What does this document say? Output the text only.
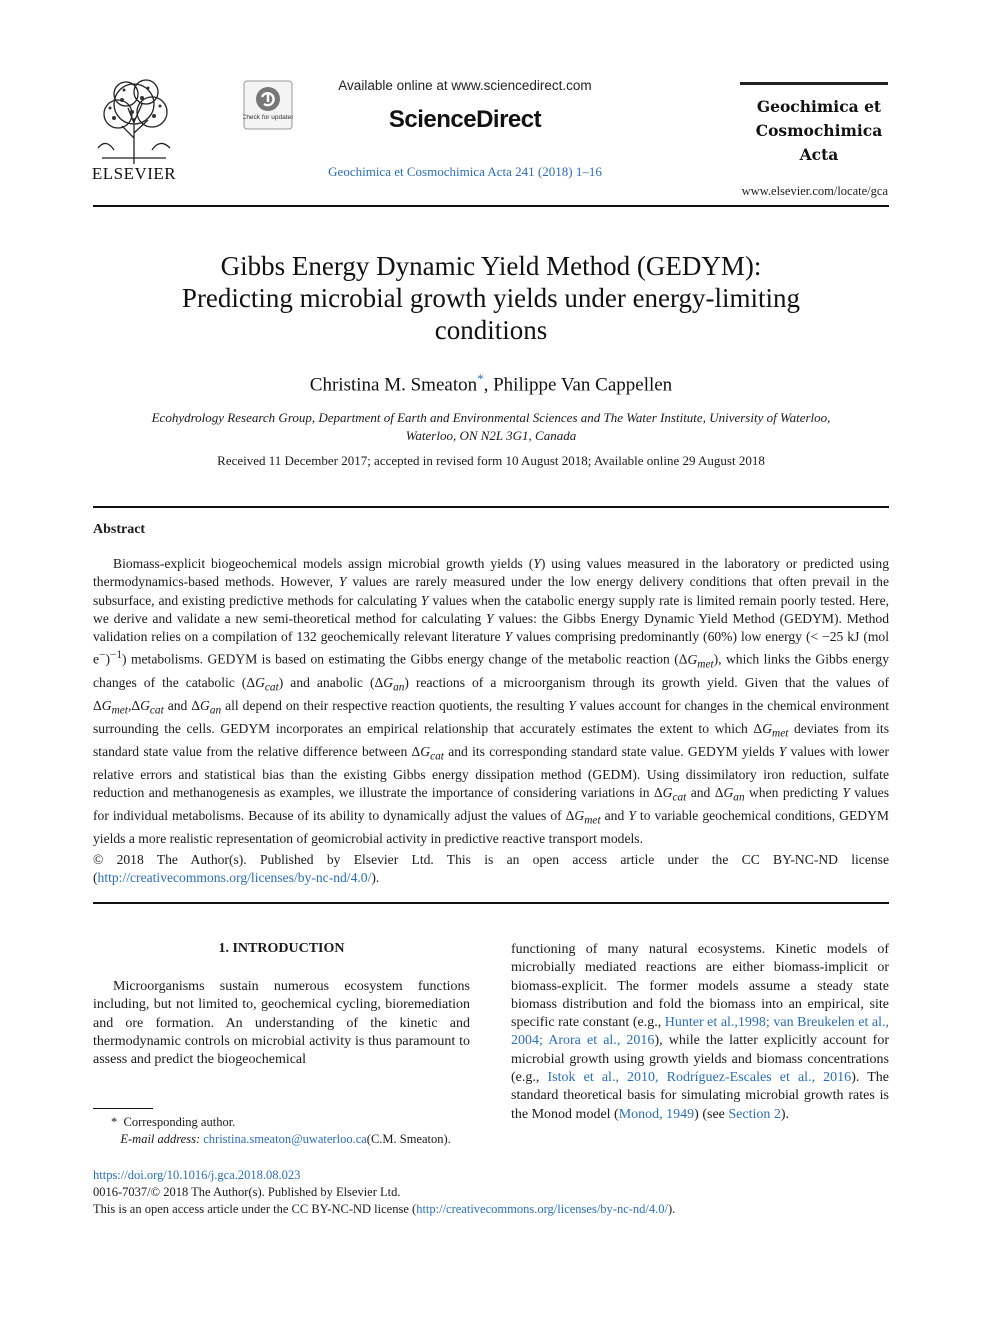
ELSEVIER
Check for updates
Available online at www.sciencedirect.com
ScienceDirect
Geochimica et Cosmochimica Acta 241 (2018) 1–16
Geochimica et
Cosmochimica
Acta
www.elsevier.com/locate/gca
Gibbs Energy Dynamic Yield Method (GEDYM):
Predicting microbial growth yields under energy-limiting
conditions
Christina M. Smeaton*, Philippe Van Cappellen
Ecohydrology Research Group, Department of Earth and Environmental Sciences and The Water Institute, University of Waterloo,
Waterloo, ON N2L 3G1, Canada
Received 11 December 2017; accepted in revised form 10 August 2018; Available online 29 August 2018
Abstract

Biomass-explicit biogeochemical models assign microbial growth yields (Y) using values measured in the laboratory or predicted using thermodynamics-based methods. However, Y values are rarely measured under the low energy delivery conditions that often prevail in the subsurface, and existing predictive methods for calculating Y values when the catabolic energy supply rate is limited remain poorly tested. Here, we derive and validate a new semi-theoretical method for calculating Y values: the Gibbs Energy Dynamic Yield Method (GEDYM). Method validation relies on a compilation of 132 geochemically relevant literature Y values comprising predominantly (60%) low energy (< −25 kJ (mol e−)$^{-1}$) metabolisms. GEDYM is based on estimating the Gibbs energy change of the metabolic reaction $(\Delta G_{met})$, which links the Gibbs energy changes of the catabolic $(\Delta G_{cat})$ and anabolic $(\Delta G_{an})$ reactions of a microorganism through its growth yield. Given that the values of $\Delta G_{met},\Delta G_{cat}$ and $\Delta G_{an}$ all depend on their respective reaction quotients, the resulting Y values account for changes in the chemical environment surrounding the cells. GEDYM incorporates an empirical relationship that accurately estimates the extent to which $\Delta G_{met}$ deviates from its standard state value from the relative difference between $\Delta G_{cat}$ and its corresponding standard state value. GEDYM yields Y values with lower relative errors and statistical bias than the existing Gibbs energy dissipation method (GEDM). Using dissimilatory iron reduction, sulfate reduction and methanogenesis as examples, we illustrate the importance of considering variations in $\Delta G_{cat}$ and $\Delta G_{an}$ when predicting Y values for individual metabolisms. Because of its ability to dynamically adjust the values of $\Delta G_{met}$ and Y to variable geochemical conditions, GEDYM yields a more realistic representation of geomicrobial activity in predictive reactive transport models.

© 2018 The Author(s). Published by Elsevier Ltd. This is an open access article under the CC BY-NC-ND license (http://creativecommons.org/licenses/by-nc-nd/4.0/).
1. INTRODUCTION

Microorganisms sustain numerous ecosystem functions including, but not limited to, geochemical cycling, bioremediation and ore formation. An understanding of the kinetic and thermodynamic controls on microbial activity is thus paramount to assess and predict the biogeochemical

functioning of many natural ecosystems. Kinetic models of microbially mediated reactions are either biomass-implicit or biomass-explicit. The former models assume a steady state biomass distribution and fold the biomass into an empirical, site specific rate constant (e.g., Hunter et al.,1998; van Breukelen et al., 2004; Arora et al., 2016), while the latter explicitly account for microbial growth using growth yields and biomass concentrations (e.g., Istok et al., 2010, Rodríguez-Escales et al., 2016). The standard theoretical basis for simulating microbial growth rates is the Monod model (Monod, 1949) (see Section 2).

* Corresponding author.
E-mail address: christina.smeaton@uwaterloo.ca(C.M. Smeaton).
https://doi.org/10.1016/j.gca.2018.08.023
0016-7037/© 2018 The Author(s). Published by Elsevier Ltd.
This is an open access article under the CC BY-NC-ND license (http://creativecommons.org/licenses/by-nc-nd/4.0/).
